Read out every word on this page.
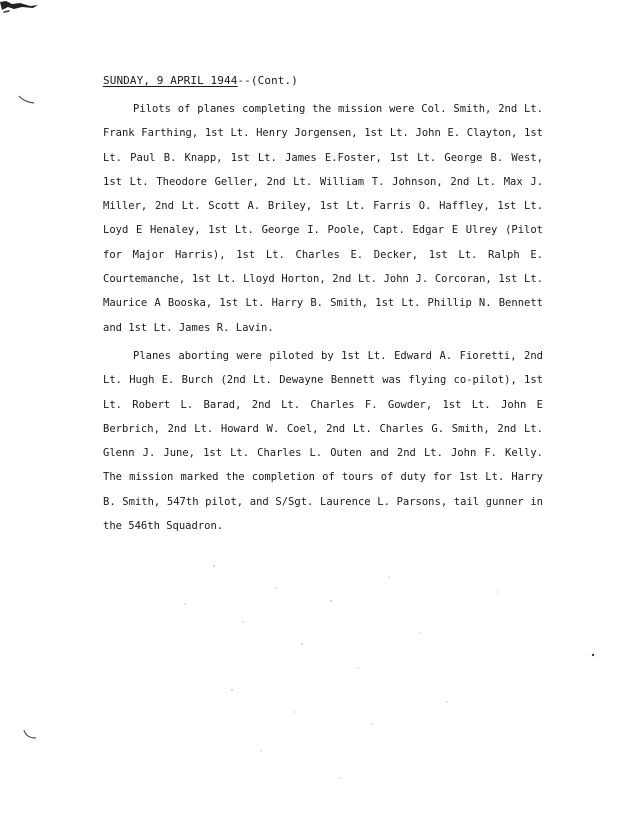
SUNDAY, 9 APRIL 1944--(Cont.)
Pilots of planes completing the mission were Col. Smith, 2nd Lt. Frank Farthing, 1st Lt. Henry Jorgensen, 1st Lt. John E. Clayton, 1st Lt. Paul B. Knapp, 1st Lt. James E.Foster, 1st Lt. George B. West, 1st Lt. Theodore Geller, 2nd Lt. William T. Johnson, 2nd Lt. Max J. Miller, 2nd Lt. Scott A. Briley, 1st Lt. Farris O. Haffley, 1st Lt. Loyd E Henaley, 1st Lt. George I. Poole, Capt. Edgar E Ulrey (Pilot for Major Harris), 1st Lt. Charles E. Decker, 1st Lt. Ralph E. Courtemanche, 1st Lt. Lloyd Horton, 2nd Lt. John J. Corcoran, 1st Lt. Maurice A Booska, 1st Lt. Harry B. Smith, 1st Lt. Phillip N. Bennett and 1st Lt. James R. Lavin.
Planes aborting were piloted by 1st Lt. Edward A. Fioretti, 2nd Lt. Hugh E. Burch (2nd Lt. Dewayne Bennett was flying co-pilot), 1st Lt. Robert L. Barad, 2nd Lt. Charles F. Gowder, 1st Lt. John E Berbrich, 2nd Lt. Howard W. Coel, 2nd Lt. Charles G. Smith, 2nd Lt. Glenn J. June, 1st Lt. Charles L. Outen and 2nd Lt. John F. Kelly. The mission marked the completion of tours of duty for 1st Lt. Harry B. Smith, 547th pilot, and S/Sgt. Laurence L. Parsons, tail gunner in the 546th Squadron.
